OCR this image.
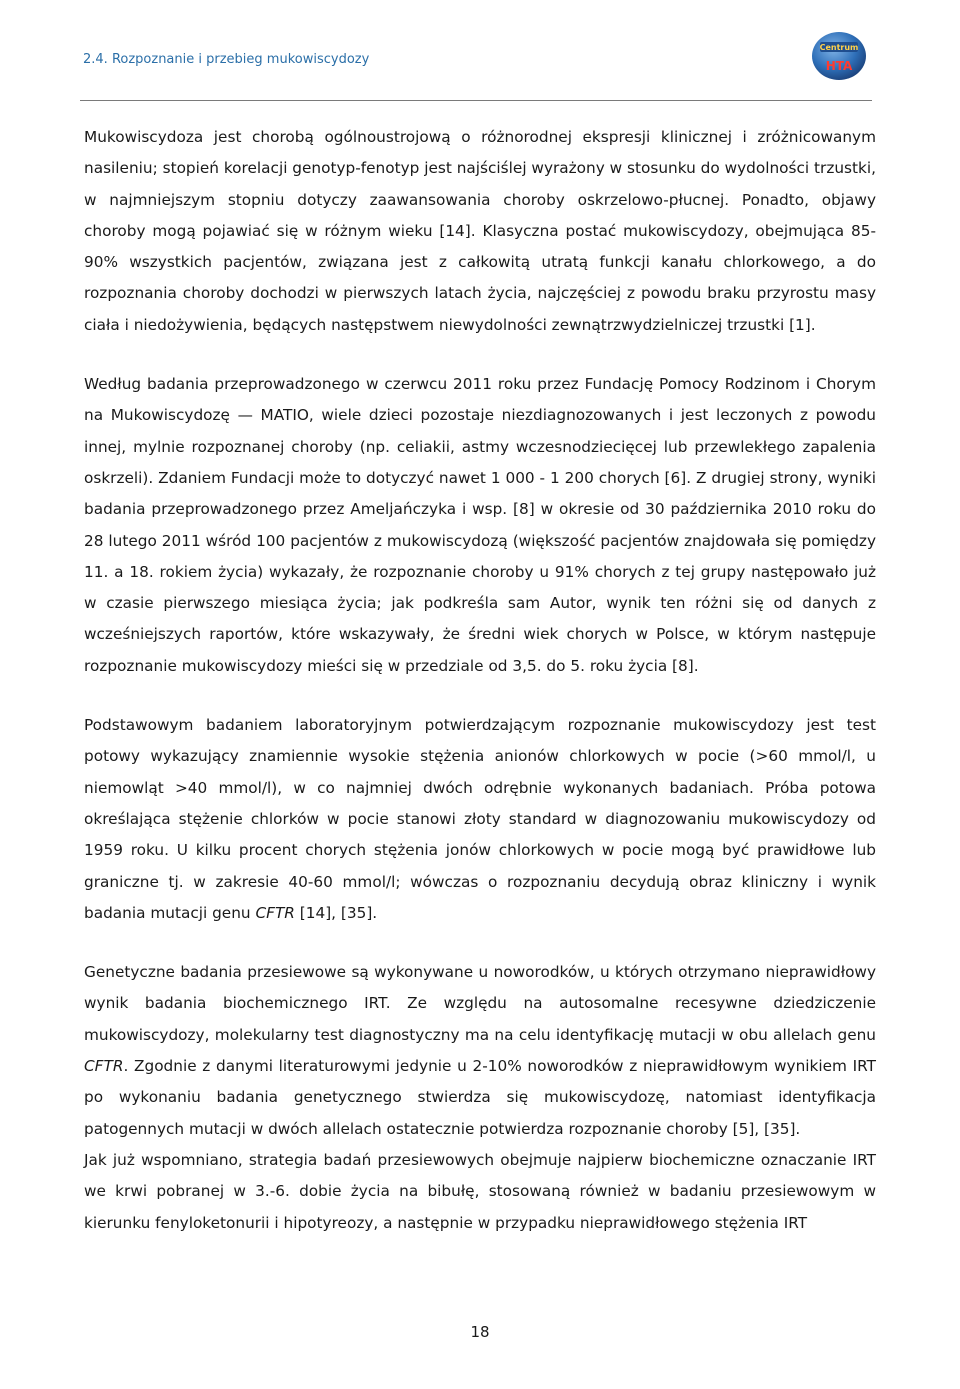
2.4. Rozpoznanie i przebieg mukowiscydozy
Centrum
HTA

Mukowiscydoza jest chorobą ogólnoustrojową o różnorodnej ekspresji klinicznej i zróżnicowanym nasileniu; stopień korelacji genotyp-fenotyp jest najściślej wyrażony w stosunku do wydolności trzustki, w najmniejszym stopniu dotyczy zaawansowania choroby oskrzelowo-płucnej. Ponadto, objawy choroby mogą pojawiać się w różnym wieku [14]. Klasyczna postać mukowiscydozy, obejmująca 85-90% wszystkich pacjentów, związana jest z całkowitą utratą funkcji kanału chlorkowego, a do rozpoznania choroby dochodzi w pierwszych latach życia, najczęściej z powodu braku przyrostu masy ciała i niedożywienia, będących następstwem niewydolności zewnątrzwydzielniczej trzustki [1].

Według badania przeprowadzonego w czerwcu 2011 roku przez Fundację Pomocy Rodzinom i Chorym na Mukowiscydozę — MATIO, wiele dzieci pozostaje niezdiagnozowanych i jest leczonych z powodu innej, mylnie rozpoznanej choroby (np. celiakii, astmy wczesnodziecięcej lub przewlekłego zapalenia oskrzeli). Zdaniem Fundacji może to dotyczyć nawet 1 000 - 1 200 chorych [6]. Z drugiej strony, wyniki badania przeprowadzonego przez Ameljańczyka i wsp. [8] w okresie od 30 października 2010 roku do 28 lutego 2011 wśród 100 pacjentów z mukowiscydozą (większość pacjentów znajdowała się pomiędzy 11. a 18. rokiem życia) wykazały, że rozpoznanie choroby u 91% chorych z tej grupy następowało już w czasie pierwszego miesiąca życia; jak podkreśla sam Autor, wynik ten różni się od danych z wcześniejszych raportów, które wskazywały, że średni wiek chorych w Polsce, w którym następuje rozpoznanie mukowiscydozy mieści się w przedziale od 3,5. do 5. roku życia [8].

Podstawowym badaniem laboratoryjnym potwierdzającym rozpoznanie mukowiscydozy jest test potowy wykazujący znamiennie wysokie stężenia anionów chlorkowych w pocie (>60 mmol/l, u niemowląt >40 mmol/l), w co najmniej dwóch odrębnie wykonanych badaniach. Próba potowa określająca stężenie chlorków w pocie stanowi złoty standard w diagnozowaniu mukowiscydozy od 1959 roku. U kilku procent chorych stężenia jonów chlorkowych w pocie mogą być prawidłowe lub graniczne tj. w zakresie 40-60 mmol/l; wówczas o rozpoznaniu decydują obraz kliniczny i wynik badania mutacji genu CFTR [14], [35].

Genetyczne badania przesiewowe są wykonywane u noworodków, u których otrzymano nieprawidłowy wynik badania biochemicznego IRT. Ze względu na autosomalne recesywne dziedziczenie mukowiscydozy, molekularny test diagnostyczny ma na celu identyfikację mutacji w obu allelach genu CFTR. Zgodnie z danymi literaturowymi jedynie u 2-10% noworodków z nieprawidłowym wynikiem IRT po wykonaniu badania genetycznego stwierdza się mukowiscydozę, natomiast identyfikacja patogennych mutacji w dwóch allelach ostatecznie potwierdza rozpoznanie choroby [5], [35].

Jak już wspomniano, strategia badań przesiewowych obejmuje najpierw biochemiczne oznaczanie IRT we krwi pobranej w 3.-6. dobie życia na bibułę, stosowaną również w badaniu przesiewowym w kierunku fenyloketonurii i hipotyreozy, a następnie w przypadku nieprawidłowego stężenia IRT

18
